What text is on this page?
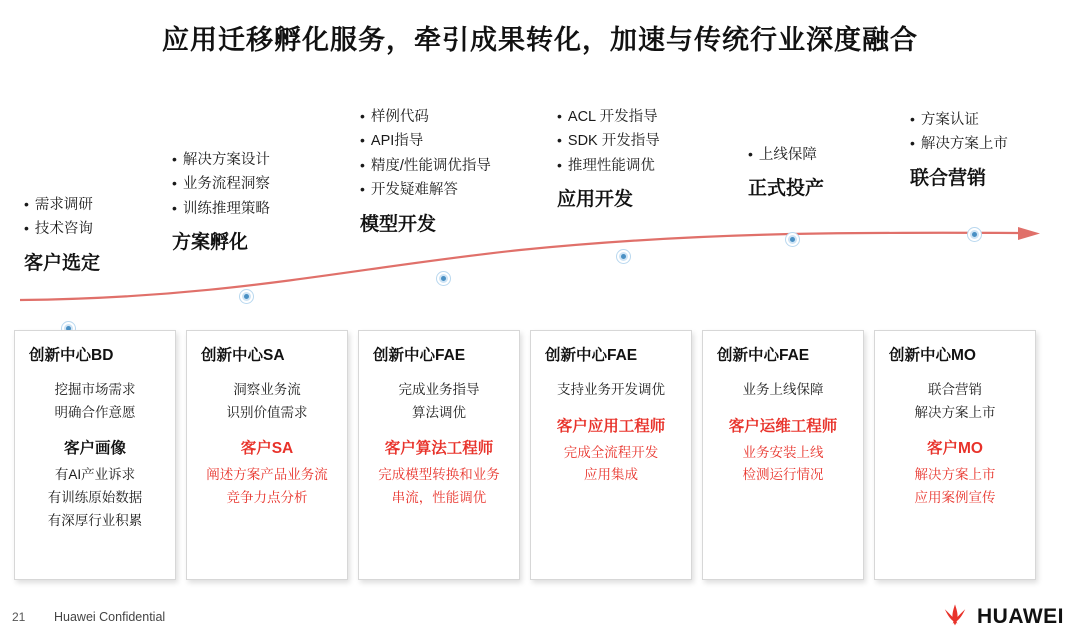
应用迁移孵化服务，牵引成果转化，加速与传统行业深度融合
• 需求调研
• 技术咨询
客户选定
• 解决方案设计
• 业务流程洞察
• 训练推理策略
方案孵化
• 样例代码
• API指导
• 精度/性能调优指导
• 开发疑难解答
模型开发
• ACL 开发指导
• SDK 开发指导
• 推理性能调优
应用开发
• 上线保障
正式投产
• 方案认证
• 解决方案上市
联合营销
创新中心BD
挖掘市场需求
明确合作意愿
客户画像
有AI产业诉求
有训练原始数据
有深厚行业积累
创新中心SA
洞察业务流
识别价值需求
客户SA
阐述方案产品业务流
竞争力点分析
创新中心FAE
完成业务指导
算法调优
客户算法工程师
完成模型转换和业务
串流，性能调优
创新中心FAE
支持业务开发调优
客户应用工程师
完成全流程开发
应用集成
创新中心FAE
业务上线保障
客户运维工程师
业务安装上线
检测运行情况
创新中心MO
联合营销
解决方案上市
客户MO
解决方案上市
应用案例宣传
21 Huawei Confidential	HUAWEI
